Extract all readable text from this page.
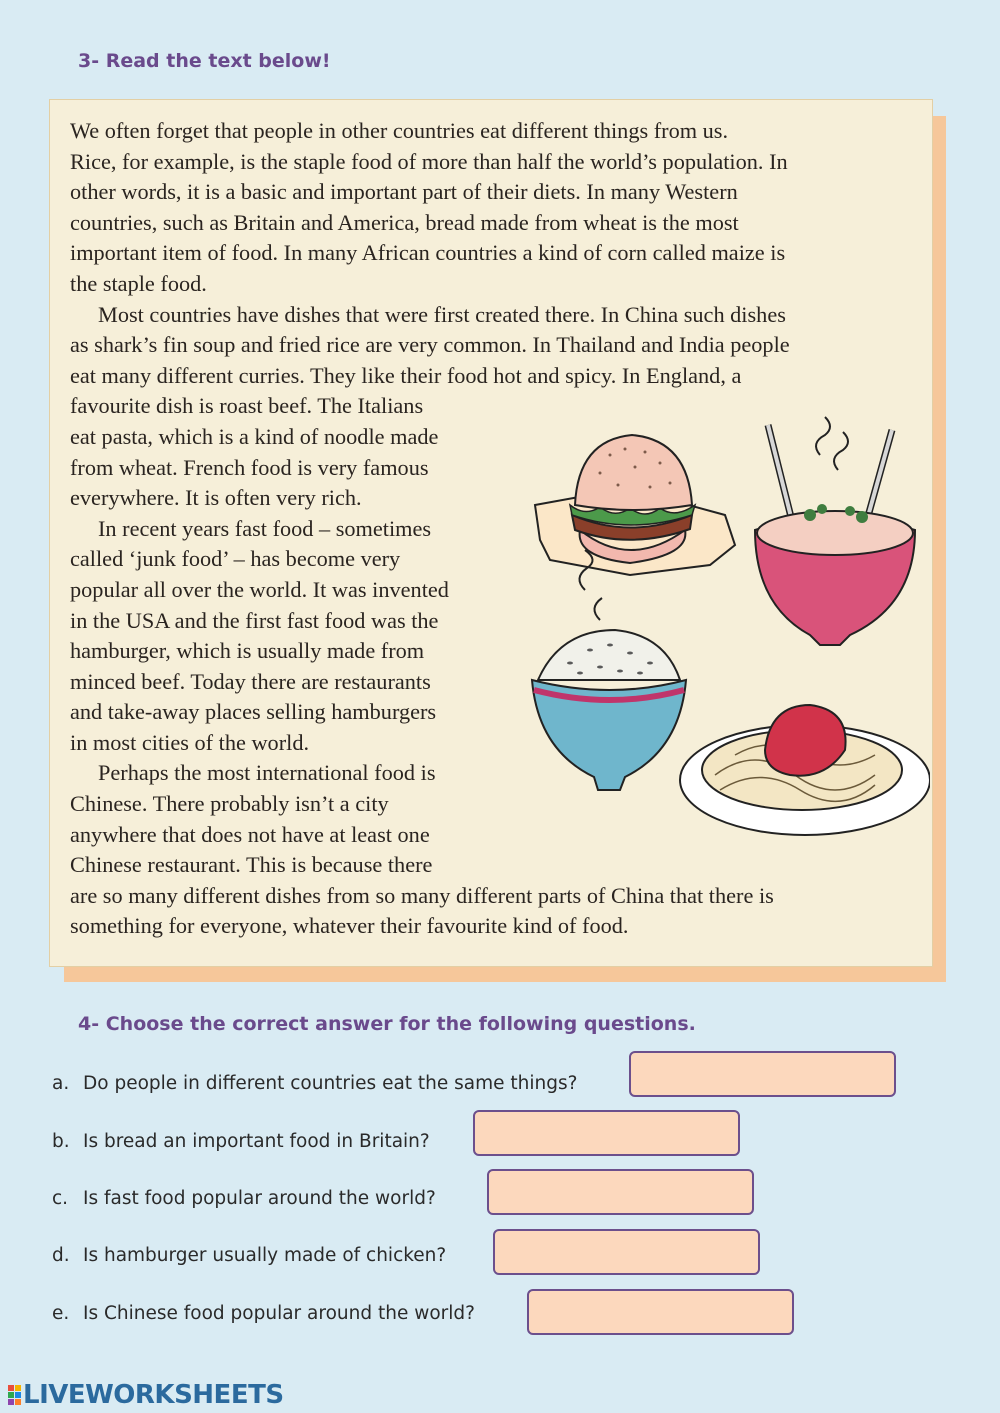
3- Read the text below!
We often forget that people in other countries eat different things from us.
Rice, for example, is the staple food of more than half the world’s population. In
other words, it is a basic and important part of their diets. In many Western
countries, such as Britain and America, bread made from wheat is the most
important item of food. In many African countries a kind of corn called maize is
the staple food.
Most countries have dishes that were first created there. In China such dishes
as shark’s fin soup and fried rice are very common. In Thailand and India people
eat many different curries. They like their food hot and spicy. In England, a
favourite dish is roast beef. The Italians
eat pasta, which is a kind of noodle made
from wheat. French food is very famous
everywhere. It is often very rich.
In recent years fast food – sometimes
called ‘junk food’ – has become very
popular all over the world. It was invented
in the USA and the first fast food was the
hamburger, which is usually made from
minced beef. Today there are restaurants
and take-away places selling hamburgers
in most cities of the world.
Perhaps the most international food is
Chinese. There probably isn’t a city
anywhere that does not have at least one
Chinese restaurant. This is because there
are so many different dishes from so many different parts of China that there is
something for everyone, whatever their favourite kind of food.
4- Choose the correct answer for the following questions.
a. Do people in different countries eat the same things?
b. Is bread an important food in Britain?
c. Is fast food popular around the world?
d. Is hamburger usually made of chicken?
e. Is Chinese food popular around the world?
LIVEWORKSHEETS
